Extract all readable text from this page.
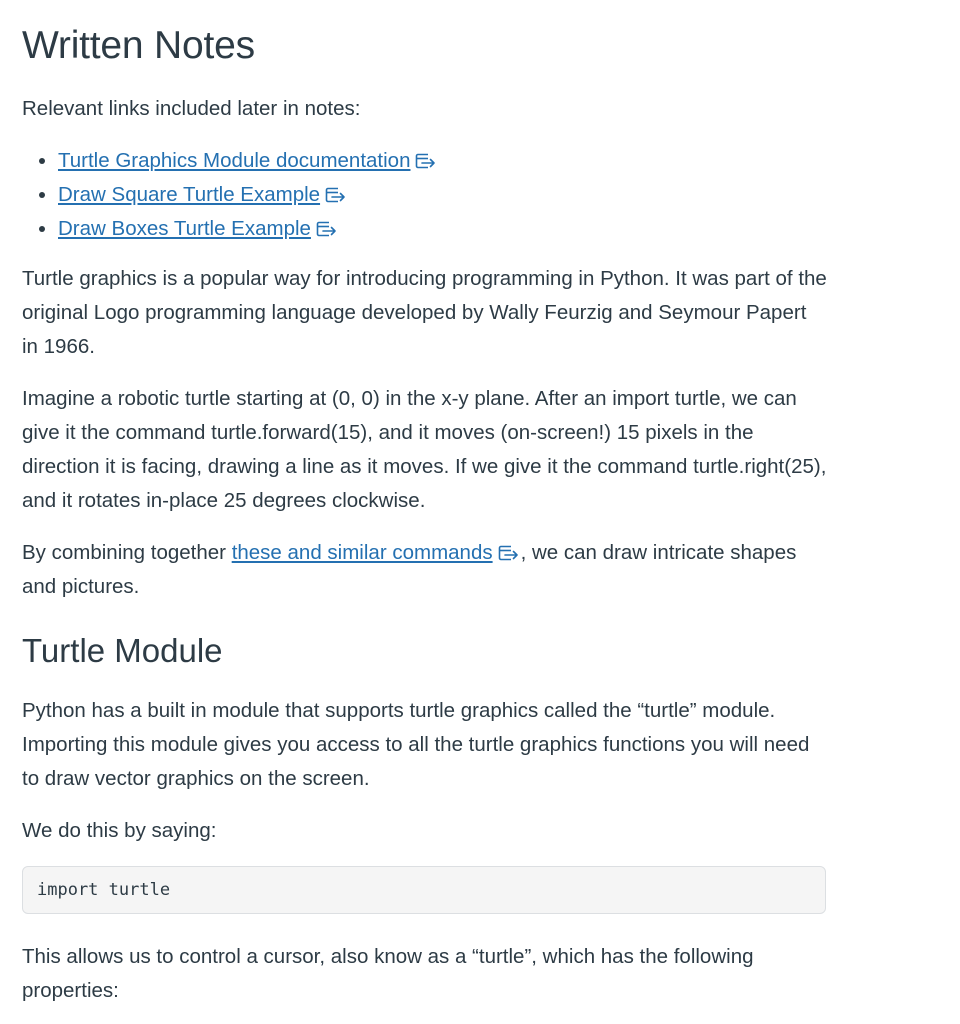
Written Notes

Relevant links included later in notes:

• Turtle Graphics Module documentation
• Draw Square Turtle Example
• Draw Boxes Turtle Example

Turtle graphics is a popular way for introducing programming in Python. It was part of the original Logo programming language developed by Wally Feurzig and Seymour Papert in 1966.

Imagine a robotic turtle starting at (0, 0) in the x-y plane. After an import turtle, we can give it the command turtle.forward(15), and it moves (on-screen!) 15 pixels in the direction it is facing, drawing a line as it moves. If we give it the command turtle.right(25), and it rotates in-place 25 degrees clockwise.

By combining together these and similar commands , we can draw intricate shapes and pictures.

Turtle Module

Python has a built in module that supports turtle graphics called the “turtle” module. Importing this module gives you access to all the turtle graphics functions you will need to draw vector graphics on the screen.

We do this by saying:

import turtle

This allows us to control a cursor, also know as a “turtle”, which has the following properties:
